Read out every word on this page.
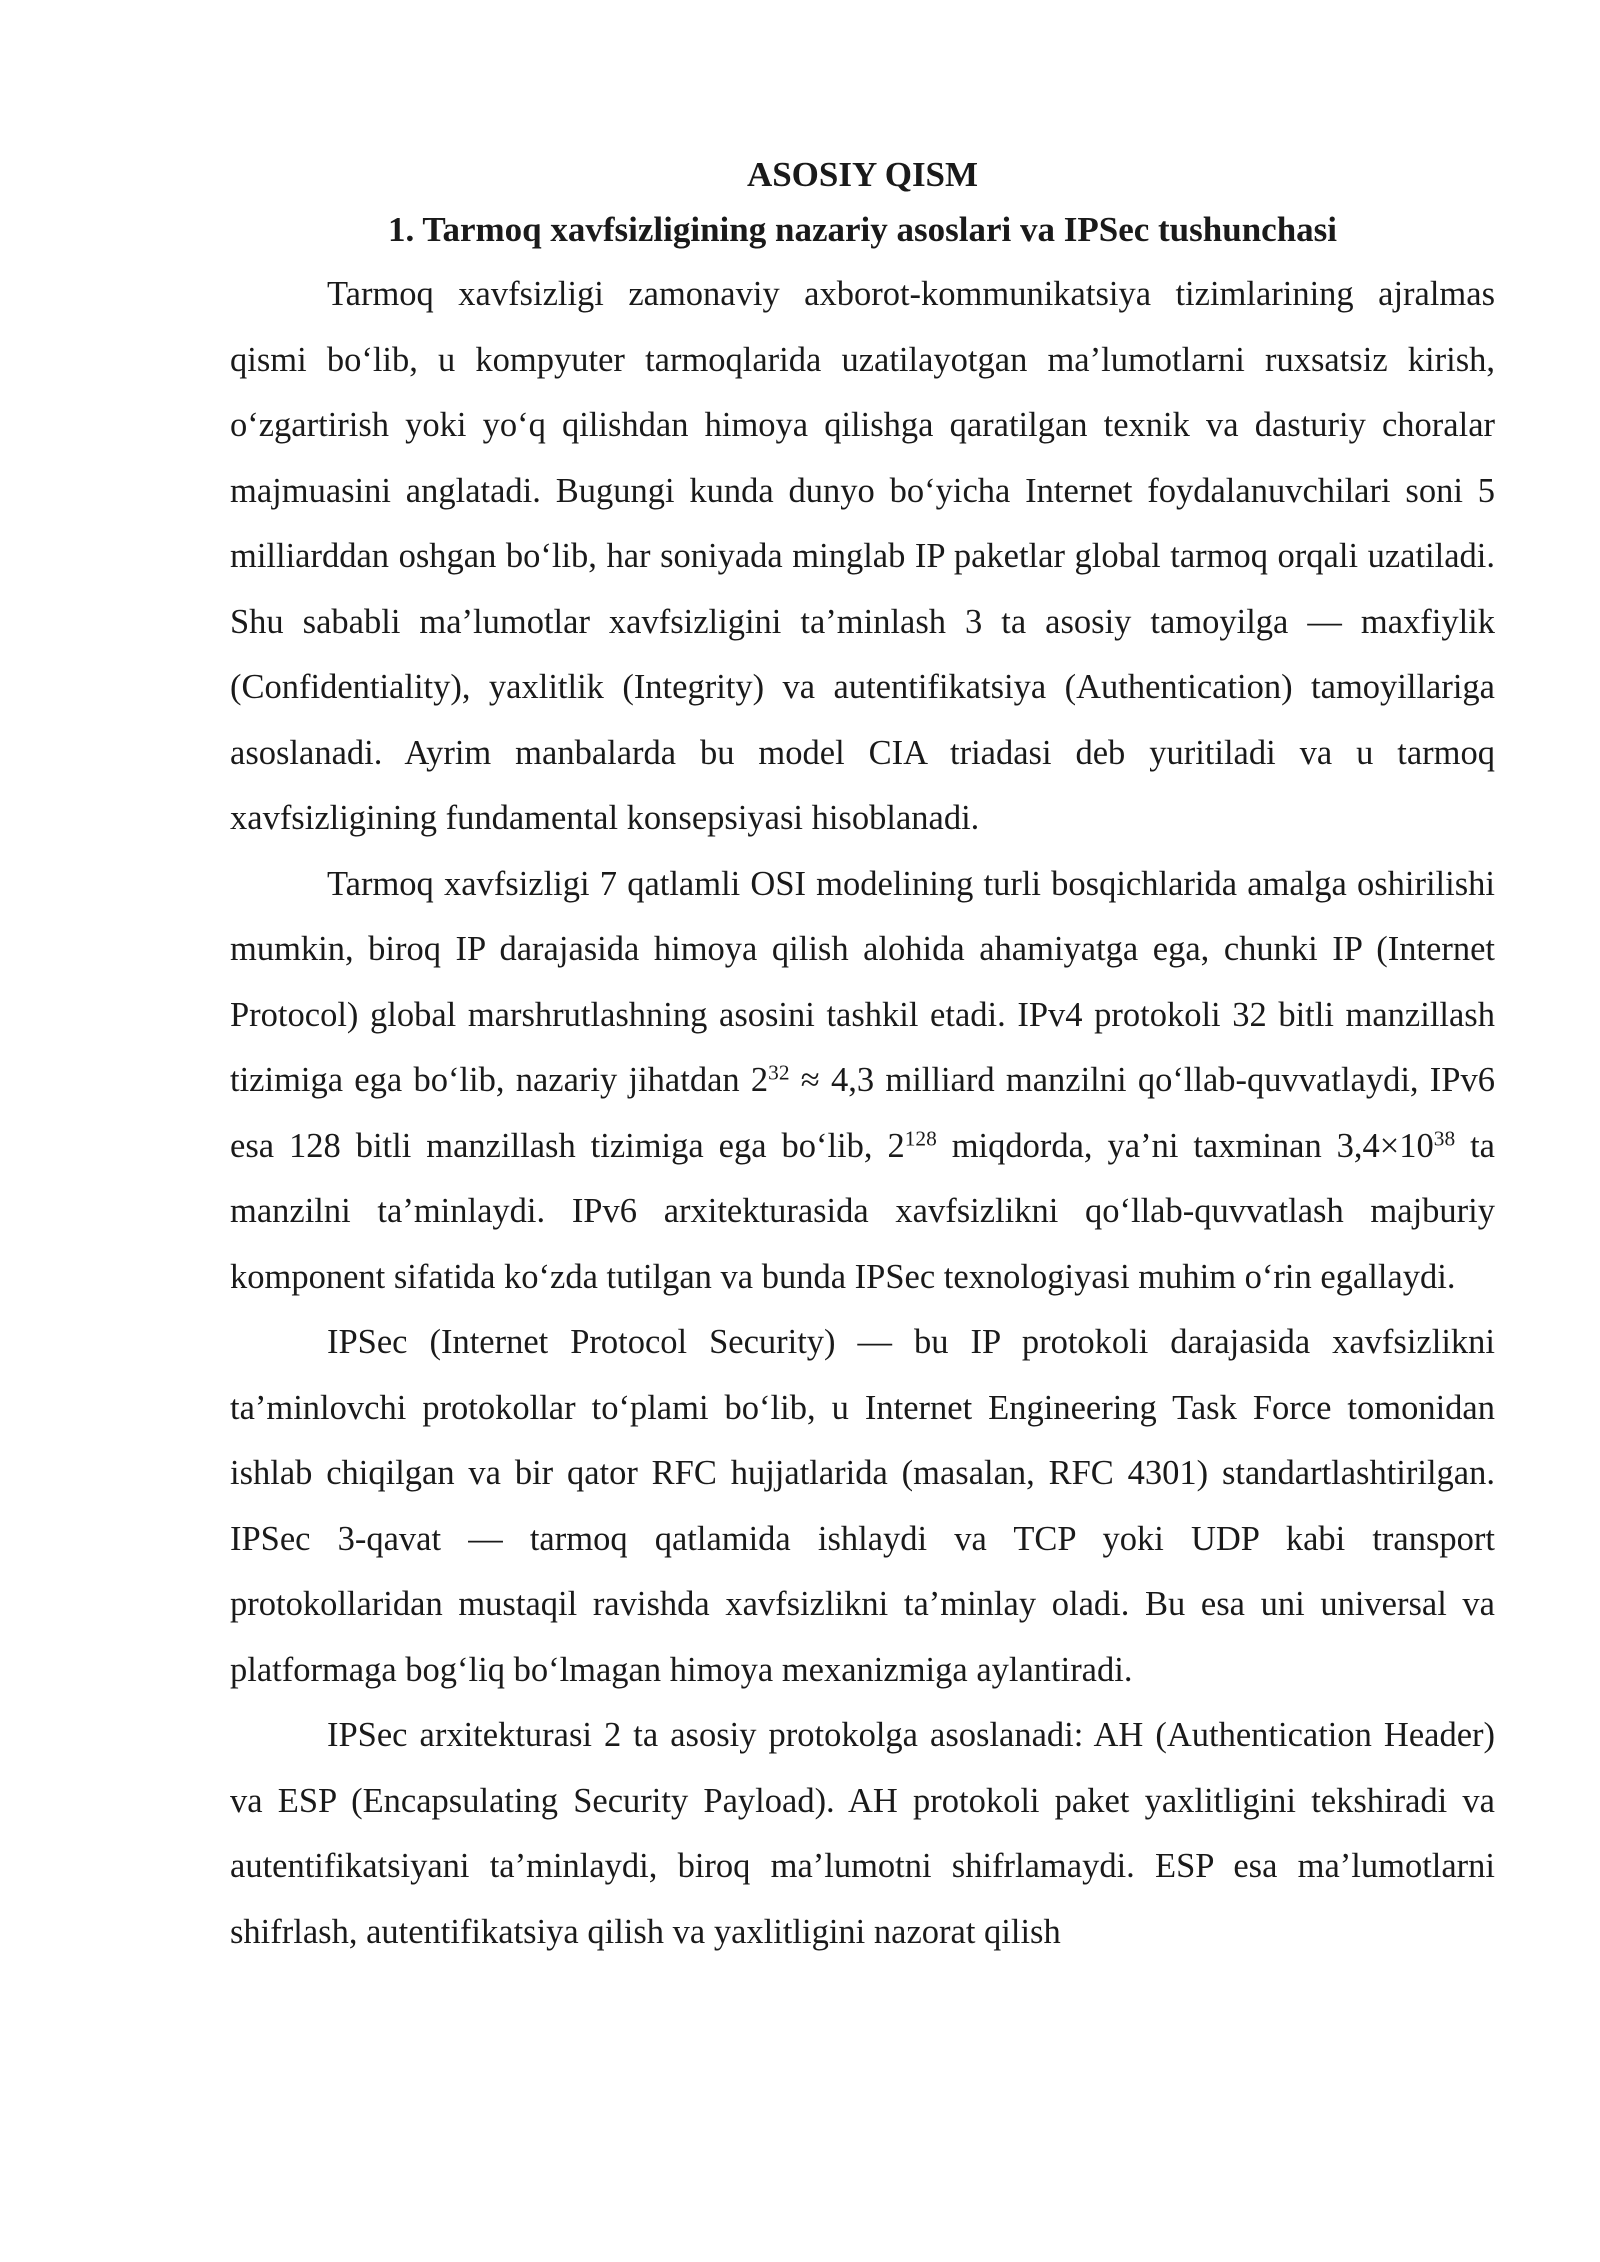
ASOSIY QISM
1. Tarmoq xavfsizligining nazariy asoslari va IPSec tushunchasi

Tarmoq xavfsizligi zamonaviy axborot-kommunikatsiya tizimlarining ajralmas qismi bo‘lib, u kompyuter tarmoqlarida uzatilayotgan ma’lumotlarni ruxsatsiz kirish, o‘zgartirish yoki yo‘q qilishdan himoya qilishga qaratilgan texnik va dasturiy choralar majmuasini anglatadi. Bugungi kunda dunyo bo‘yicha Internet foydalanuvchilari soni 5 milliarddan oshgan bo‘lib, har soniyada minglab IP paketlar global tarmoq orqali uzatiladi. Shu sababli ma’lumotlar xavfsizligini ta’minlash 3 ta asosiy tamoyilga — maxfiylik (Confidentiality), yaxlitlik (Integrity) va autentifikatsiya (Authentication) tamoyillariga asoslanadi. Ayrim manbalarda bu model CIA triadasi deb yuritiladi va u tarmoq xavfsizligining fundamental konsepsiyasi hisoblanadi.

Tarmoq xavfsizligi 7 qatlamli OSI modelining turli bosqichlarida amalga oshirilishi mumkin, biroq IP darajasida himoya qilish alohida ahamiyatga ega, chunki IP (Internet Protocol) global marshrutlashning asosini tashkil etadi. IPv4 protokoli 32 bitli manzillash tizimiga ega bo‘lib, nazariy jihatdan $2^{32} \approx 4,3$ milliard manzilni qo‘llab-quvvatlaydi, IPv6 esa 128 bitli manzillash tizimiga ega bo‘lib, $2^{128}$ miqdorda, ya’ni taxminan $3,4\times 10^{38}$ ta manzilni ta’minlaydi. IPv6 arxitekturasida xavfsizlikni qo‘llab-quvvatlash majburiy komponent sifatida ko‘zda tutilgan va bunda IPSec texnologiyasi muhim o‘rin egallaydi.

IPSec (Internet Protocol Security) — bu IP protokoli darajasida xavfsizlikni ta’minlovchi protokollar to‘plami bo‘lib, u Internet Engineering Task Force tomonidan ishlab chiqilgan va bir qator RFC hujjatlarida (masalan, RFC 4301) standartlashtirilgan. IPSec 3-qavat — tarmoq qatlamida ishlaydi va TCP yoki UDP kabi transport protokollaridan mustaqil ravishda xavfsizlikni ta’minlay oladi. Bu esa uni universal va platformaga bog‘liq bo‘lmagan himoya mexanizmiga aylantiradi.

IPSec arxitekturasi 2 ta asosiy protokolga asoslanadi: AH (Authentication Header) va ESP (Encapsulating Security Payload). AH protokoli paket yaxlitligini tekshiradi va autentifikatsiyani ta’minlaydi, biroq ma’lumotni shifrlamaydi. ESP esa ma’lumotlarni shifrlash, autentifikatsiya qilish va yaxlitligini nazorat qilish
